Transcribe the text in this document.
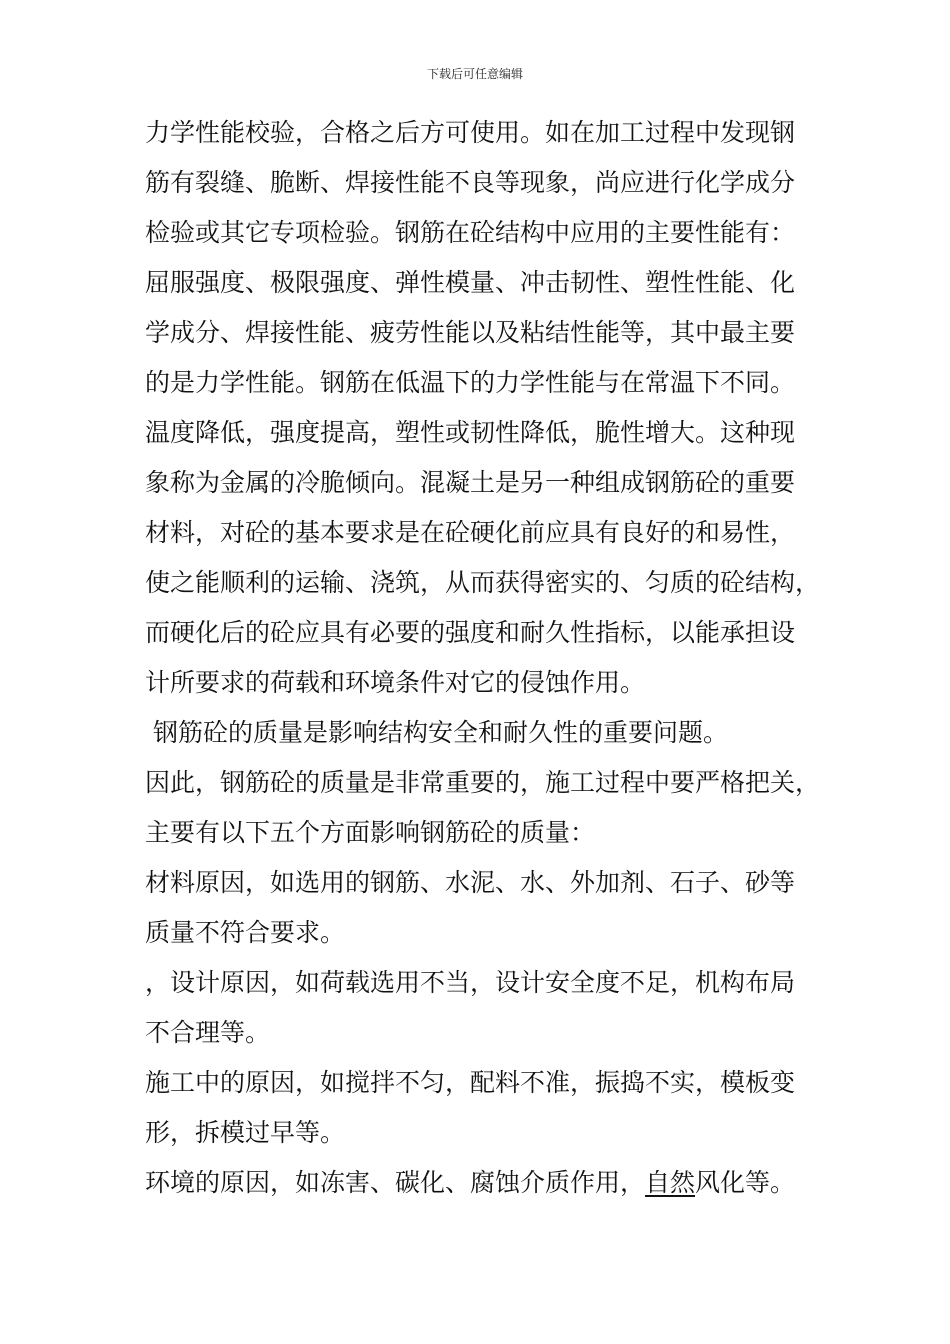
下载后可任意编辑
力学性能校验，合格之后方可使用。如在加工过程中发现钢
筋有裂缝、脆断、焊接性能不良等现象，尚应进行化学成分
检验或其它专项检验。钢筋在砼结构中应用的主要性能有：
屈服强度、极限强度、弹性模量、冲击韧性、塑性性能、化
学成分、焊接性能、疲劳性能以及粘结性能等，其中最主要
的是力学性能。钢筋在低温下的力学性能与在常温下不同。
温度降低，强度提高，塑性或韧性降低，脆性增大。这种现
象称为金属的冷脆倾向。混凝土是另一种组成钢筋砼的重要
材料，对砼的基本要求是在砼硬化前应具有良好的和易性，
使之能顺利的运输、浇筑，从而获得密实的、匀质的砼结构，
而硬化后的砼应具有必要的强度和耐久性指标，以能承担设
计所要求的荷载和环境条件对它的侵蚀作用。
钢筋砼的质量是影响结构安全和耐久性的重要问题。
因此，钢筋砼的质量是非常重要的，施工过程中要严格把关，
主要有以下五个方面影响钢筋砼的质量：
材料原因，如选用的钢筋、水泥、水、外加剂、石子、砂等
质量不符合要求。
，设计原因，如荷载选用不当，设计安全度不足，机构布局
不合理等。
施工中的原因，如搅拌不匀，配料不准，振捣不实，模板变
形，拆模过早等。
环境的原因，如冻害、碳化、腐蚀介质作用，自然风化等。
